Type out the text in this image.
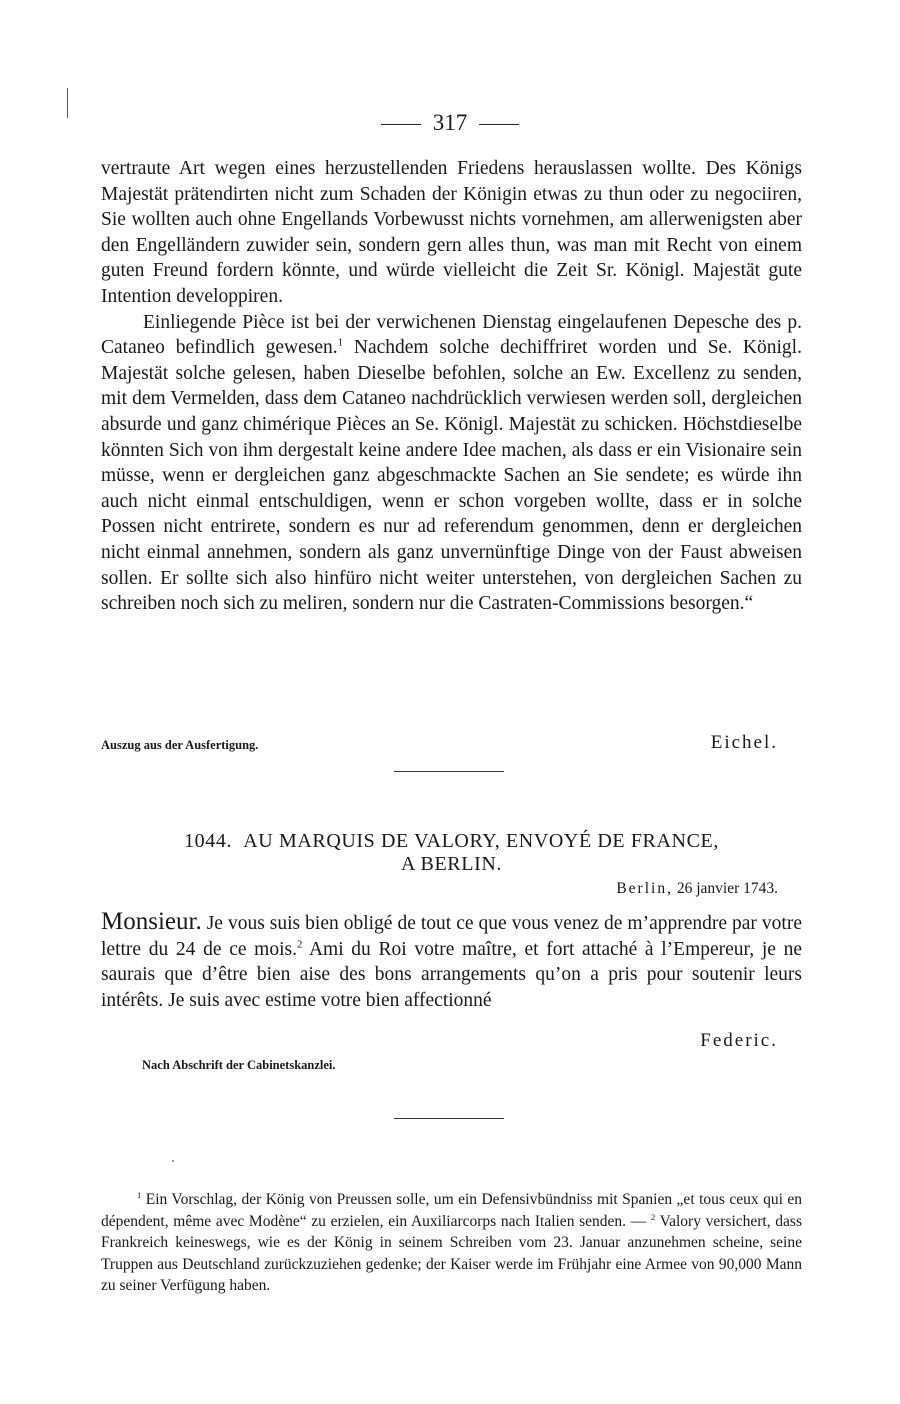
317

vertraute Art wegen eines herzustellenden Friedens herauslassen wollte. Des Königs Majestät prätendirten nicht zum Schaden der Königin etwas zu thun oder zu negociiren, Sie wollten auch ohne Engellands Vorbewusst nichts vornehmen, am allerwenigsten aber den Engelländern zuwider sein, sondern gern alles thun, was man mit Recht von einem guten Freund fordern könnte, und würde vielleicht die Zeit Sr. Königl. Majestät gute Intention developpiren.

Einliegende Pièce ist bei der verwichenen Dienstag eingelaufenen Depesche des p. Cataneo befindlich gewesen.$^1$ Nachdem solche dechiffriret worden und Se. Königl. Majestät solche gelesen, haben Dieselbe befohlen, solche an Ew. Excellenz zu senden, mit dem Vermelden, dass dem Cataneo nachdrücklich verwiesen werden soll, dergleichen absurde und ganz chimérique Pièces an Se. Königl. Majestät zu schicken. Höchstdieselbe könnten Sich von ihm dergestalt keine andere Idee machen, als dass er ein Visionaire sein müsse, wenn er dergleichen ganz abgeschmackte Sachen an Sie sendete; es würde ihn auch nicht einmal entschuldigen, wenn er schon vorgeben wollte, dass er in solche Possen nicht entrirete, sondern es nur ad referendum genommen, denn er dergleichen nicht einmal annehmen, sondern als ganz unvernünftige Dinge von der Faust abweisen sollen. Er sollte sich also hinfüro nicht weiter unterstehen, von dergleichen Sachen zu schreiben noch sich zu meliren, sondern nur die Castraten-Commissions besorgen.“

Auszug aus der Ausfertigung.	Eichel.
1044. AU MARQUIS DE VALORY, ENVOYÉ DE FRANCE,
A BERLIN.
Berlin, 26 janvier 1743.

Monsieur. Je vous suis bien obligé de tout ce que vous venez de m’apprendre par votre lettre du 24 de ce mois.$^2$ Ami du Roi votre maître, et fort attaché à l’Empereur, je ne saurais que d’être bien aise des bons arrangements qu’on a pris pour soutenir leurs intérêts. Je suis avec estime votre bien affectionné

Federic.
Nach Abschrift der Cabinetskanzlei.

$^1$ Ein Vorschlag, der König von Preussen solle, um ein Defensivbündniss mit Spanien „et tous ceux qui en dépendent, même avec Modène“ zu erzielen, ein Auxiliarcorps nach Italien senden. — $^2$ Valory versichert, dass Frankreich keineswegs, wie es der König in seinem Schreiben vom 23. Januar anzunehmen scheine, seine Truppen aus Deutschland zurückzuziehen gedenke; der Kaiser werde im Frühjahr eine Armee von 90,000 Mann zu seiner Verfügung haben.
